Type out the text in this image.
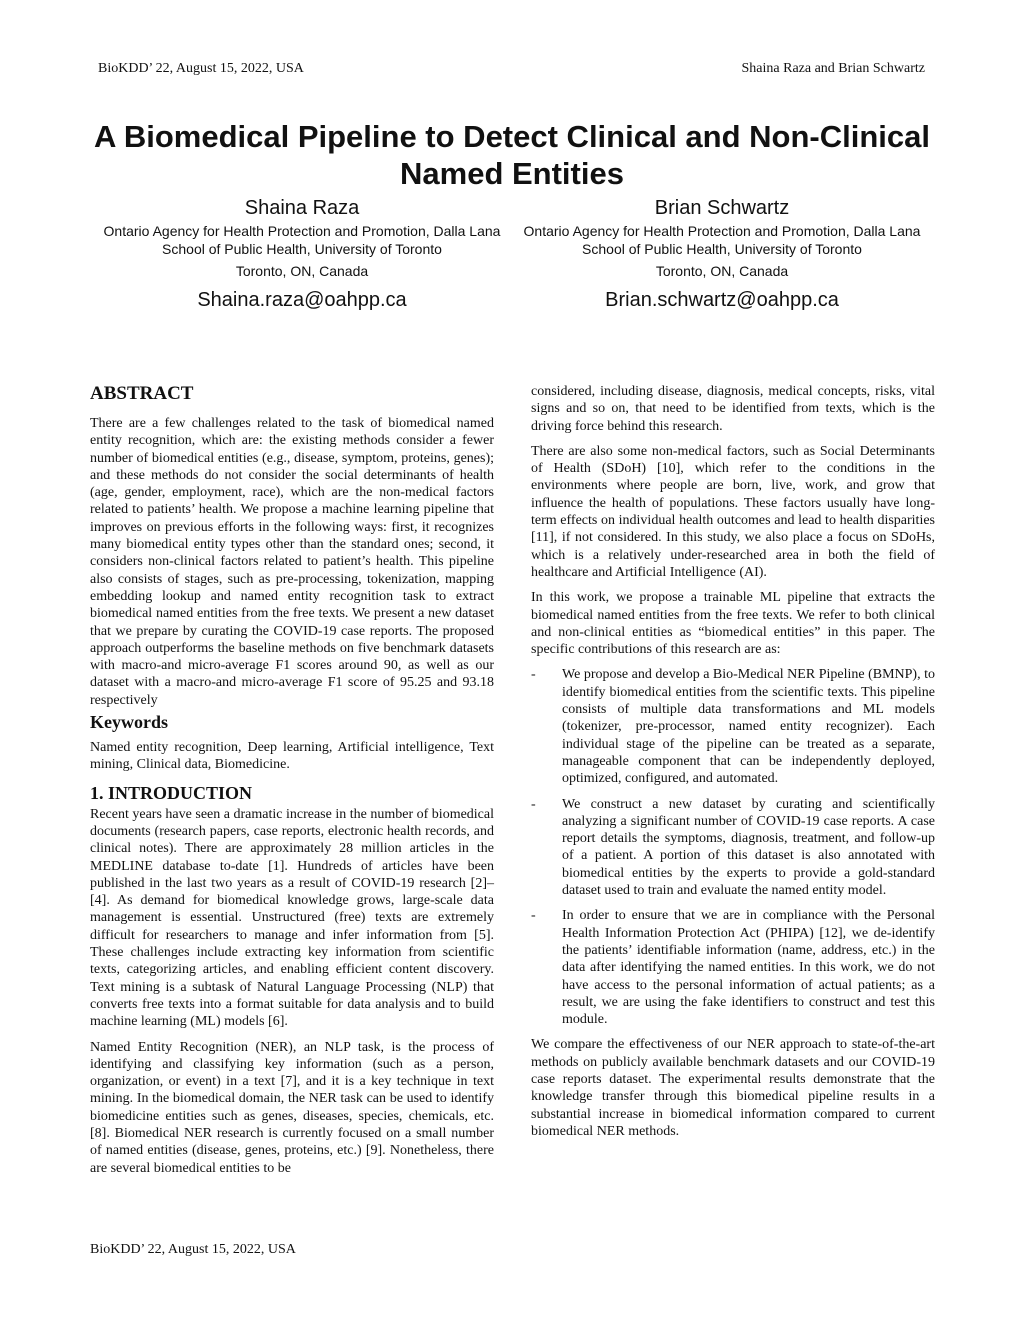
BioKDD’ 22, August 15, 2022, USA	Shaina Raza and Brian Schwartz
A Biomedical Pipeline to Detect Clinical and Non-Clinical Named Entities
Shaina Raza
Ontario Agency for Health Protection and Promotion, Dalla Lana School of Public Health, University of Toronto
Toronto, ON, Canada
Shaina.raza@oahpp.ca
Brian Schwartz
Ontario Agency for Health Protection and Promotion, Dalla Lana School of Public Health, University of Toronto
Toronto, ON, Canada
Brian.schwartz@oahpp.ca
ABSTRACT

There are a few challenges related to the task of biomedical named entity recognition, which are: the existing methods consider a fewer number of biomedical entities (e.g., disease, symptom, proteins, genes); and these methods do not consider the social determinants of health (age, gender, employment, race), which are the non-medical factors related to patients’ health. We propose a machine learning pipeline that improves on previous efforts in the following ways: first, it recognizes many biomedical entity types other than the standard ones; second, it considers non-clinical factors related to patient’s health. This pipeline also consists of stages, such as pre-processing, tokenization, mapping embedding lookup and named entity recognition task to extract biomedical named entities from the free texts. We present a new dataset that we prepare by curating the COVID-19 case reports. The proposed approach outperforms the baseline methods on five benchmark datasets with macro-and micro-average F1 scores around 90, as well as our dataset with a macro-and micro-average F1 score of 95.25 and 93.18 respectively

Keywords

Named entity recognition, Deep learning, Artificial intelligence, Text mining, Clinical data, Biomedicine.

1. INTRODUCTION

Recent years have seen a dramatic increase in the number of biomedical documents (research papers, case reports, electronic health records, and clinical notes). There are approximately 28 million articles in the MEDLINE database to-date [1]. Hundreds of articles have been published in the last two years as a result of COVID-19 research [2]–[4]. As demand for biomedical knowledge grows, large-scale data management is essential. Unstructured (free) texts are extremely difficult for researchers to manage and infer information from [5]. These challenges include extracting key information from scientific texts, categorizing articles, and enabling efficient content discovery. Text mining is a subtask of Natural Language Processing (NLP) that converts free texts into a format suitable for data analysis and to build machine learning (ML) models [6].

Named Entity Recognition (NER), an NLP task, is the process of identifying and classifying key information (such as a person, organization, or event) in a text [7], and it is a key technique in text mining. In the biomedical domain, the NER task can be used to identify biomedicine entities such as genes, diseases, species, chemicals, etc. [8]. Biomedical NER research is currently focused on a small number of named entities (disease, genes, proteins, etc.) [9]. Nonetheless, there are several biomedical entities to be

considered, including disease, diagnosis, medical concepts, risks, vital signs and so on, that need to be identified from texts, which is the driving force behind this research.

There are also some non-medical factors, such as Social Determinants of Health (SDoH) [10], which refer to the conditions in the environments where people are born, live, work, and grow that influence the health of populations. These factors usually have long-term effects on individual health outcomes and lead to health disparities [11], if not considered. In this study, we also place a focus on SDoHs, which is a relatively under-researched area in both the field of healthcare and Artificial Intelligence (AI).

In this work, we propose a trainable ML pipeline that extracts the biomedical named entities from the free texts. We refer to both clinical and non-clinical entities as “biomedical entities” in this paper. The specific contributions of this research are as:

- We propose and develop a Bio-Medical NER Pipeline (BMNP), to identify biomedical entities from the scientific texts. This pipeline consists of multiple data transformations and ML models (tokenizer, pre-processor, named entity recognizer). Each individual stage of the pipeline can be treated as a separate, manageable component that can be independently deployed, optimized, configured, and automated.
- We construct a new dataset by curating and scientifically analyzing a significant number of COVID-19 case reports. A case report details the symptoms, diagnosis, treatment, and follow-up of a patient. A portion of this dataset is also annotated with biomedical entities by the experts to provide a gold-standard dataset used to train and evaluate the named entity model.
- In order to ensure that we are in compliance with the Personal Health Information Protection Act (PHIPA) [12], we de-identify the patients’ identifiable information (name, address, etc.) in the data after identifying the named entities. In this work, we do not have access to the personal information of actual patients; as a result, we are using the fake identifiers to construct and test this module.

We compare the effectiveness of our NER approach to state-of-the-art methods on publicly available benchmark datasets and our COVID-19 case reports dataset. The experimental results demonstrate that the knowledge transfer through this biomedical pipeline results in a substantial increase in biomedical information compared to current biomedical NER methods.

BioKDD’ 22, August 15, 2022, USA
